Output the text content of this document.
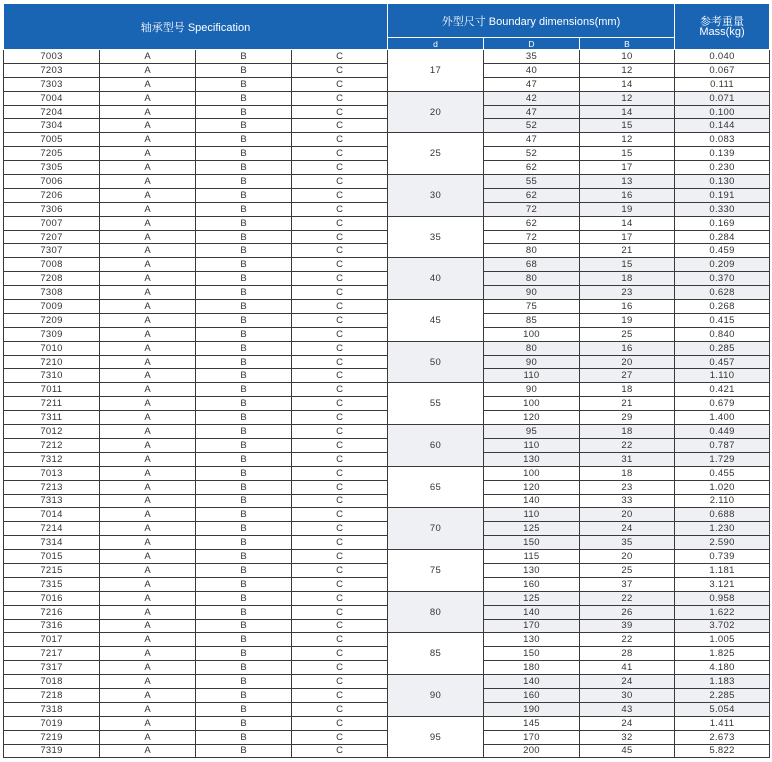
轴承型号 Specification				外型尺寸 Boundary dimensions(mm)			参考重量
Mass(kg)
				d	D	B	
7003	A	B	C	17	35	10	0.040
7203	A	B	C		40	12	0.067
7303	A	B	C		47	14	0.111
7004	A	B	C	20	42	12	0.071
7204	A	B	C		47	14	0.100
7304	A	B	C		52	15	0.144
7005	A	B	C	25	47	12	0.083
7205	A	B	C		52	15	0.139
7305	A	B	C		62	17	0.230
7006	A	B	C	30	55	13	0.130
7206	A	B	C		62	16	0.191
7306	A	B	C		72	19	0.330
7007	A	B	C	35	62	14	0.169
7207	A	B	C		72	17	0.284
7307	A	B	C		80	21	0.459
7008	A	B	C	40	68	15	0.209
7208	A	B	C		80	18	0.370
7308	A	B	C		90	23	0.628
7009	A	B	C	45	75	16	0.268
7209	A	B	C		85	19	0.415
7309	A	B	C		100	25	0.840
7010	A	B	C	50	80	16	0.285
7210	A	B	C		90	20	0.457
7310	A	B	C		110	27	1.110
7011	A	B	C	55	90	18	0.421
7211	A	B	C		100	21	0.679
7311	A	B	C		120	29	1.400
7012	A	B	C	60	95	18	0.449
7212	A	B	C		110	22	0.787
7312	A	B	C		130	31	1.729
7013	A	B	C	65	100	18	0.455
7213	A	B	C		120	23	1.020
7313	A	B	C		140	33	2.110
7014	A	B	C	70	110	20	0.688
7214	A	B	C		125	24	1.230
7314	A	B	C		150	35	2.590
7015	A	B	C	75	115	20	0.739
7215	A	B	C		130	25	1.181
7315	A	B	C		160	37	3.121
7016	A	B	C	80	125	22	0.958
7216	A	B	C		140	26	1.622
7316	A	B	C		170	39	3.702
7017	A	B	C	85	130	22	1.005
7217	A	B	C		150	28	1.825
7317	A	B	C		180	41	4.180
7018	A	B	C	90	140	24	1.183
7218	A	B	C		160	30	2.285
7318	A	B	C		190	43	5.054
7019	A	B	C	95	145	24	1.411
7219	A	B	C		170	32	2.673
7319	A	B	C		200	45	5.822
